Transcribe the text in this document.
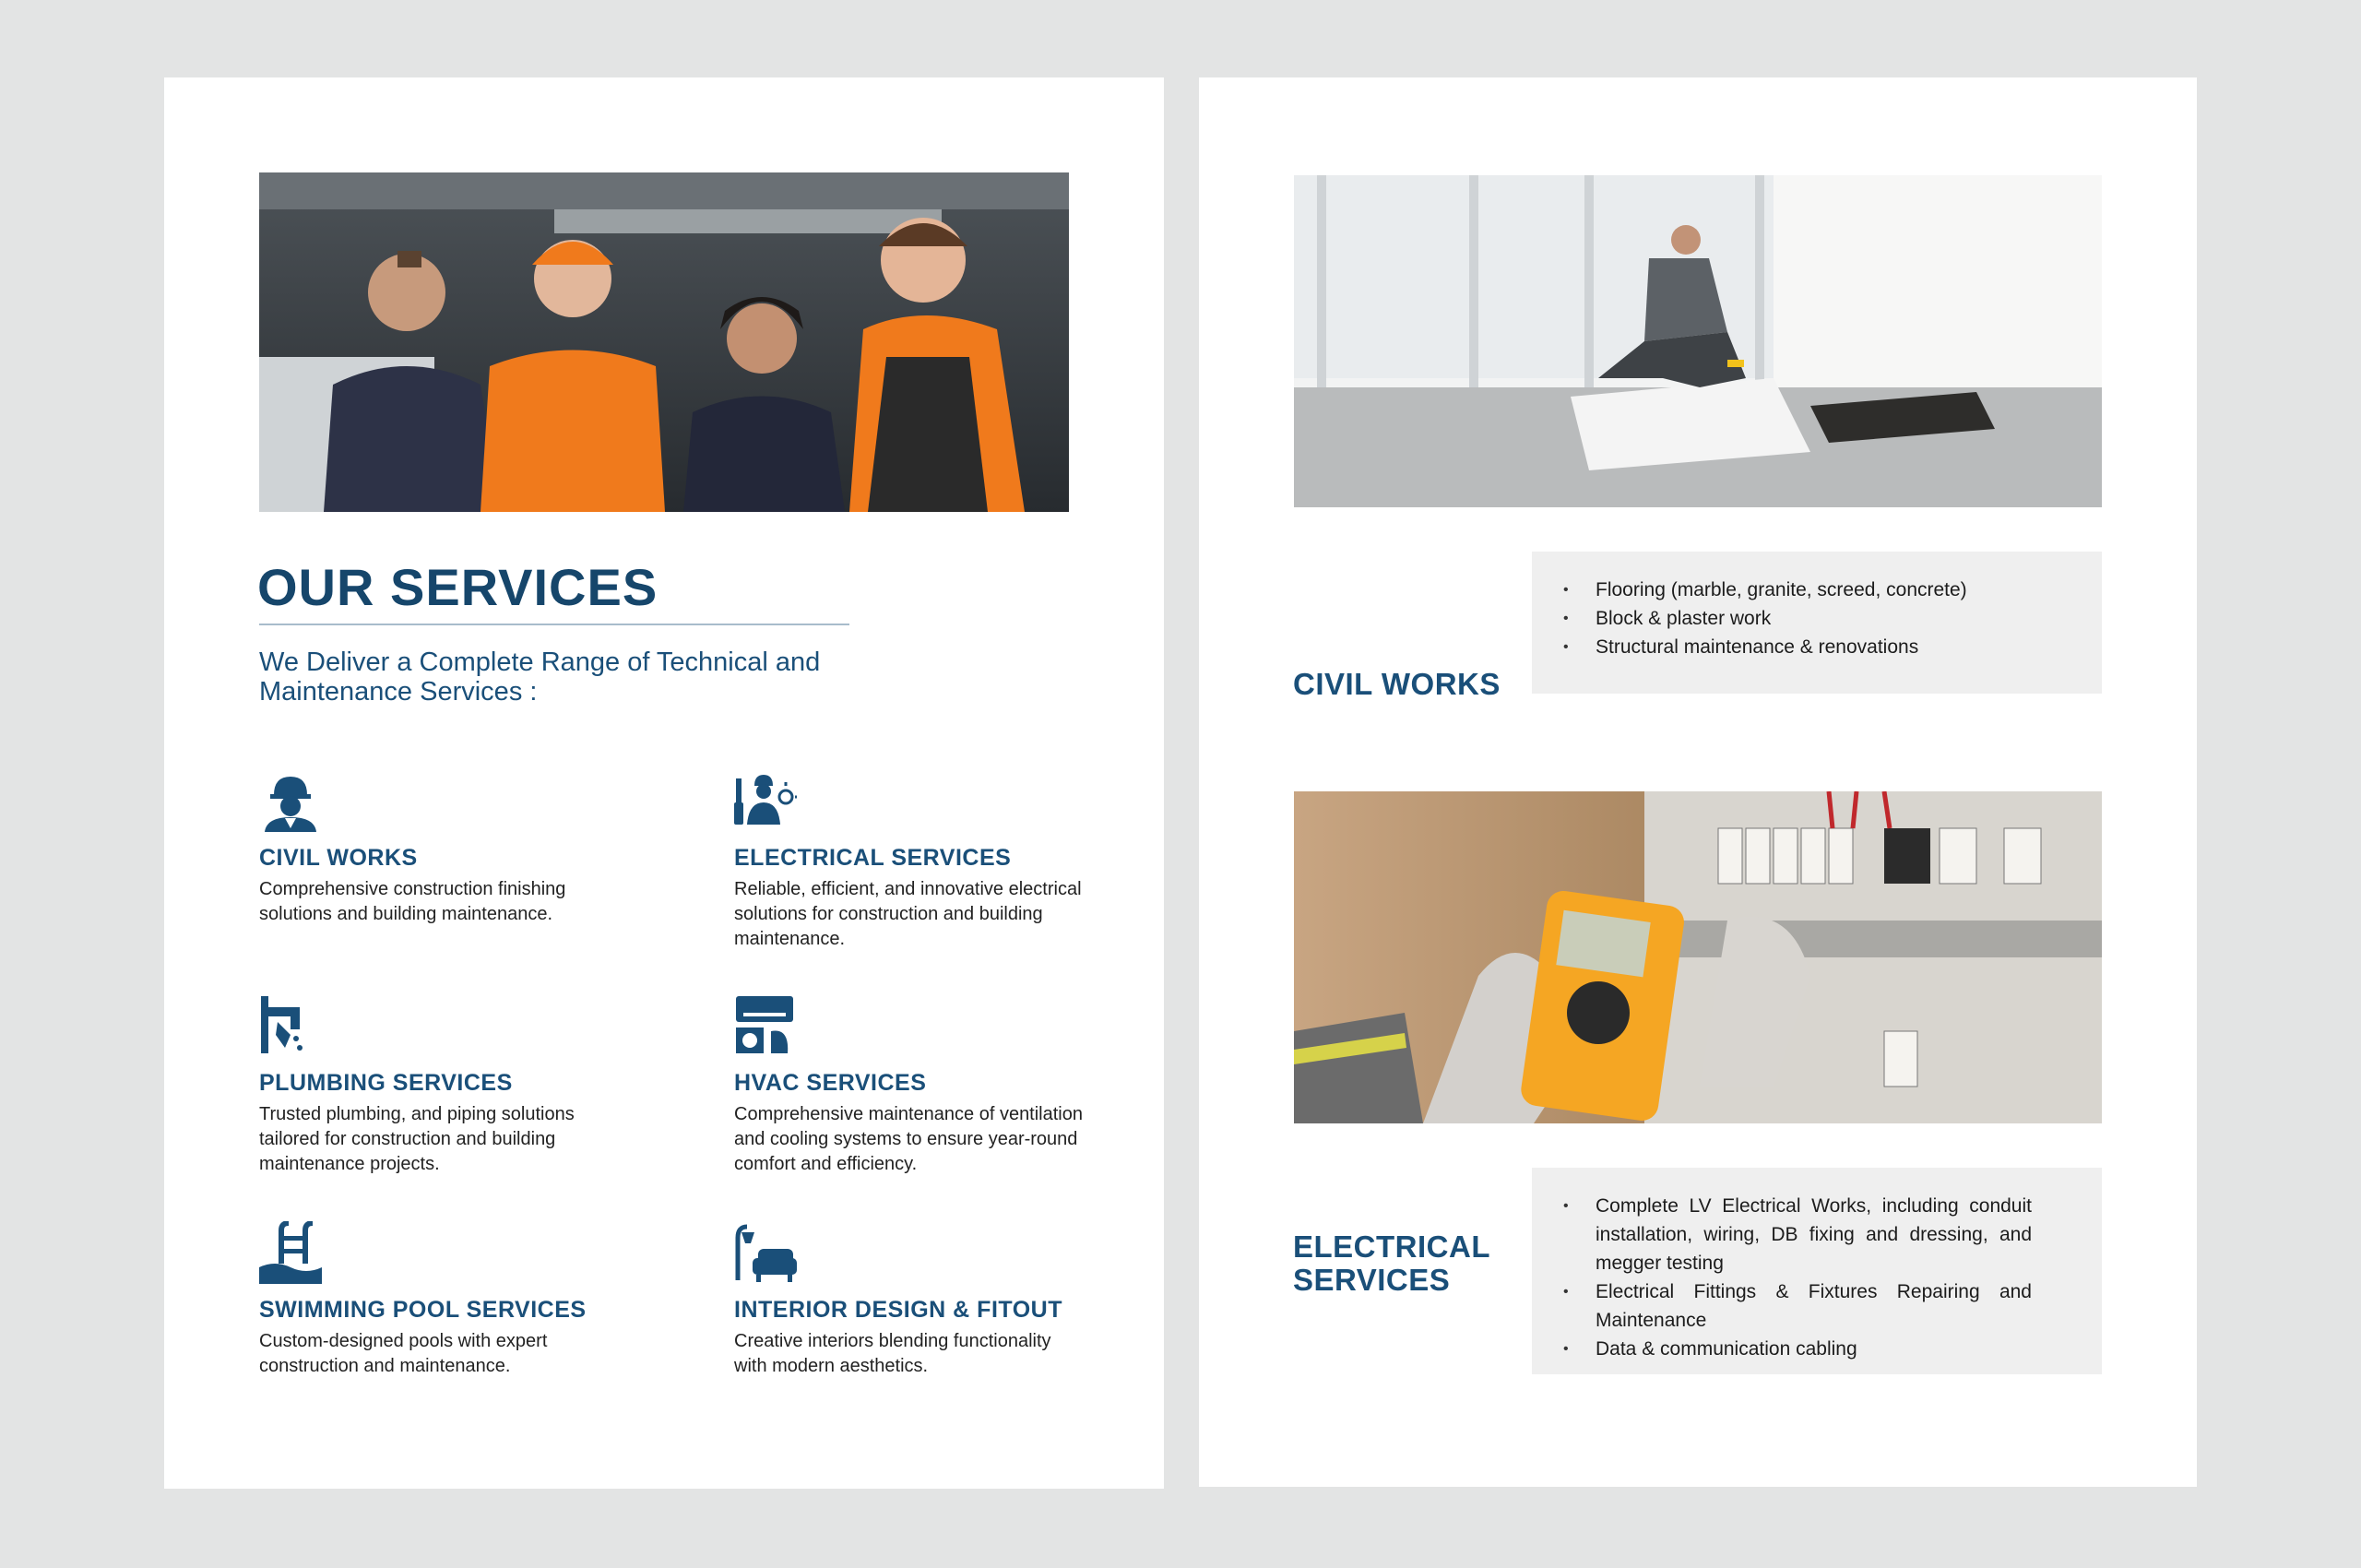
OUR SERVICES

We Deliver a Complete Range of Technical and Maintenance Services :

CIVIL WORKS

Comprehensive construction finishing solutions and building maintenance.

ELECTRICAL SERVICES

Reliable, efficient, and innovative electrical solutions for construction and building maintenance.

PLUMBING SERVICES

Trusted plumbing, and piping solutions tailored for construction and building maintenance projects.

HVAC SERVICES

Comprehensive maintenance of ventilation and cooling systems to ensure year-round comfort and efficiency.

SWIMMING POOL SERVICES

Custom-designed pools with expert construction and maintenance.

INTERIOR DESIGN & FITOUT

Creative interiors blending functionality with modern aesthetics.

CIVIL WORKS
• Flooring (marble, granite, screed, concrete)
• Block & plaster work
• Structural maintenance & renovations
ELECTRICAL
SERVICES
• Complete LV Electrical Works, including conduit installation, wiring, DB fixing and dressing, and megger testing
• Electrical Fittings & Fixtures Repairing and Maintenance
• Data & communication cabling
